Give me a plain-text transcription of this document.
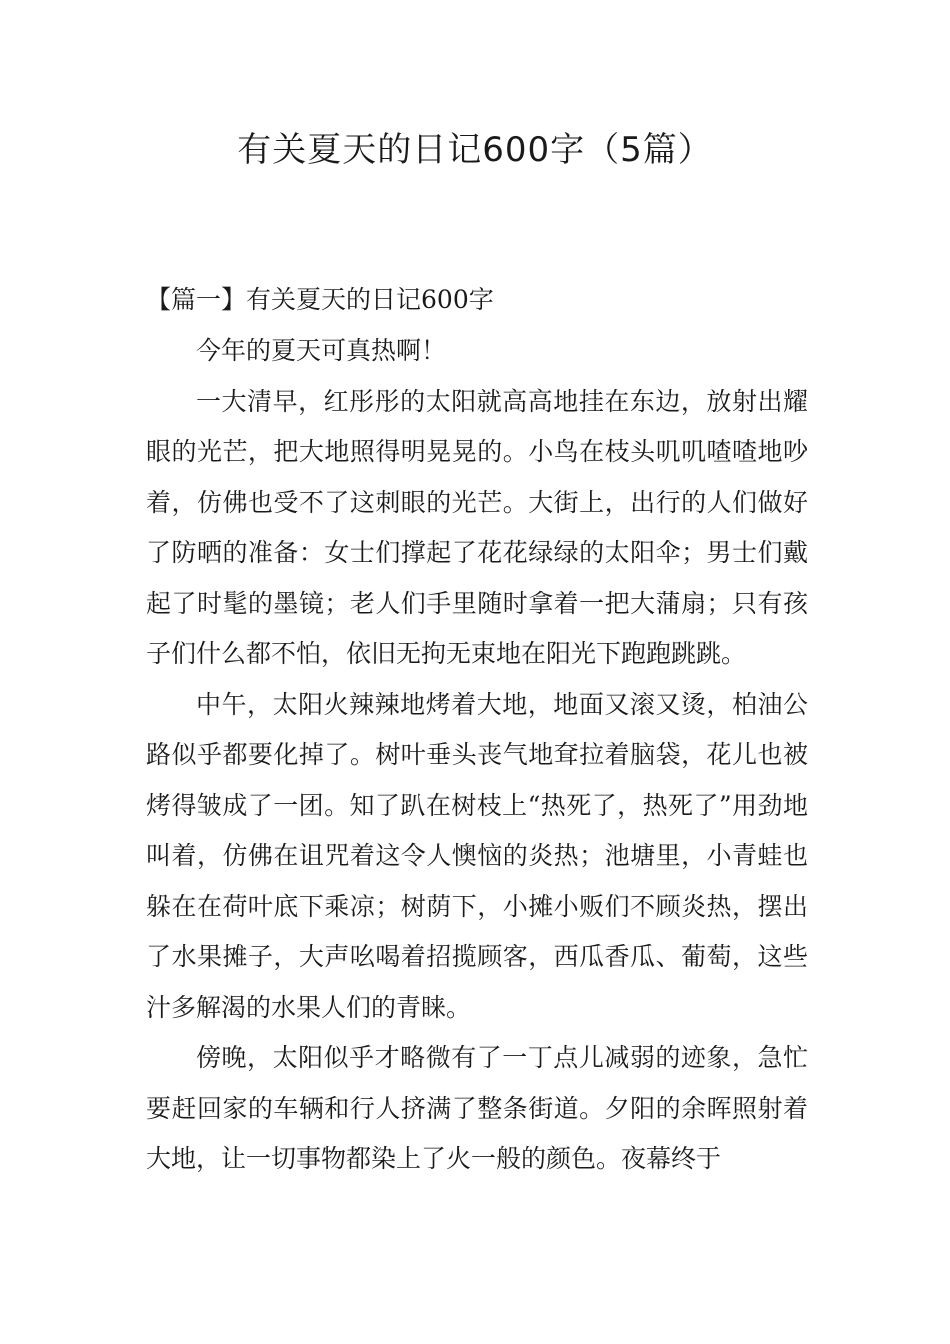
有关夏天的日记600字（5篇）
【篇一】有关夏天的日记600字

今年的夏天可真热啊！

一大清早，红彤彤的太阳就高高地挂在东边，放射出耀眼的光芒，把大地照得明晃晃的。小鸟在枝头叽叽喳喳地吵着，仿佛也受不了这刺眼的光芒。大街上，出行的人们做好了防晒的准备：女士们撑起了花花绿绿的太阳伞；男士们戴起了时髦的墨镜；老人们手里随时拿着一把大蒲扇；只有孩子们什么都不怕，依旧无拘无束地在阳光下跑跑跳跳。

中午，太阳火辣辣地烤着大地，地面又滚又烫，柏油公路似乎都要化掉了。树叶垂头丧气地耷拉着脑袋，花儿也被烤得皱成了一团。知了趴在树枝上“热死了，热死了”用劲地叫着，仿佛在诅咒着这令人懊恼的炎热；池塘里，小青蛙也躲在在荷叶底下乘凉；树荫下，小摊小贩们不顾炎热，摆出了水果摊子，大声吆喝着招揽顾客，西瓜香瓜、葡萄，这些汁多解渴的水果人们的青睐。

傍晚，太阳似乎才略微有了一丁点儿减弱的迹象，急忙要赶回家的车辆和行人挤满了整条街道。夕阳的余晖照射着大地，让一切事物都染上了火一般的颜色。夜幕终于
